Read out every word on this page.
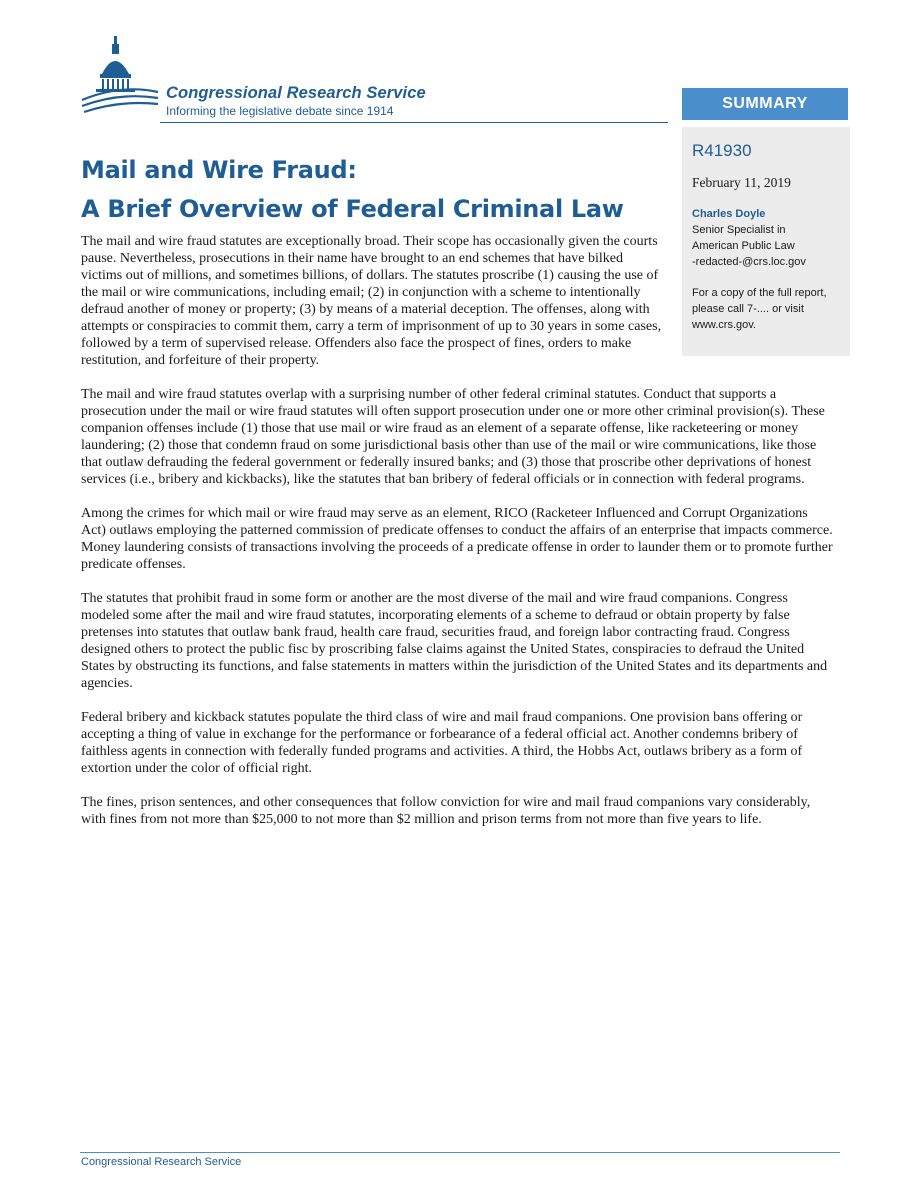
Congressional Research Service
Informing the legislative debate since 1914	SUMMARY
R41930
February 11, 2019
Charles Doyle
Senior Specialist in
American Public Law
-redacted-@crs.loc.gov
For a copy of the full report, please call 7-.... or visit www.crs.gov.
Mail and Wire Fraud:
A Brief Overview of Federal Criminal Law

The mail and wire fraud statutes are exceptionally broad. Their scope has occasionally given the courts pause. Nevertheless, prosecutions in their name have brought to an end schemes that have bilked victims out of millions, and sometimes billions, of dollars. The statutes proscribe (1) causing the use of the mail or wire communications, including email; (2) in conjunction with a scheme to intentionally defraud another of money or property; (3) by means of a material deception. The offenses, along with attempts or conspiracies to commit them, carry a term of imprisonment of up to 30 years in some cases, followed by a term of supervised release. Offenders also face the prospect of fines, orders to make restitution, and forfeiture of their property.

The mail and wire fraud statutes overlap with a surprising number of other federal criminal statutes. Conduct that supports a prosecution under the mail or wire fraud statutes will often support prosecution under one or more other criminal provision(s). These companion offenses include (1) those that use mail or wire fraud as an element of a separate offense, like racketeering or money laundering; (2) those that condemn fraud on some jurisdictional basis other than use of the mail or wire communications, like those that outlaw defrauding the federal government or federally insured banks; and (3) those that proscribe other deprivations of honest services (i.e., bribery and kickbacks), like the statutes that ban bribery of federal officials or in connection with federal programs.

Among the crimes for which mail or wire fraud may serve as an element, RICO (Racketeer Influenced and Corrupt Organizations Act) outlaws employing the patterned commission of predicate offenses to conduct the affairs of an enterprise that impacts commerce. Money laundering consists of transactions involving the proceeds of a predicate offense in order to launder them or to promote further predicate offenses.

The statutes that prohibit fraud in some form or another are the most diverse of the mail and wire fraud companions. Congress modeled some after the mail and wire fraud statutes, incorporating elements of a scheme to defraud or obtain property by false pretenses into statutes that outlaw bank fraud, health care fraud, securities fraud, and foreign labor contracting fraud. Congress designed others to protect the public fisc by proscribing false claims against the United States, conspiracies to defraud the United States by obstructing its functions, and false statements in matters within the jurisdiction of the United States and its departments and agencies.

Federal bribery and kickback statutes populate the third class of wire and mail fraud companions. One provision bans offering or accepting a thing of value in exchange for the performance or forbearance of a federal official act. Another condemns bribery of faithless agents in connection with federally funded programs and activities. A third, the Hobbs Act, outlaws bribery as a form of extortion under the color of official right.

The fines, prison sentences, and other consequences that follow conviction for wire and mail fraud companions vary considerably, with fines from not more than $25,000 to not more than $2 million and prison terms from not more than five years to life.

Congressional Research Service
